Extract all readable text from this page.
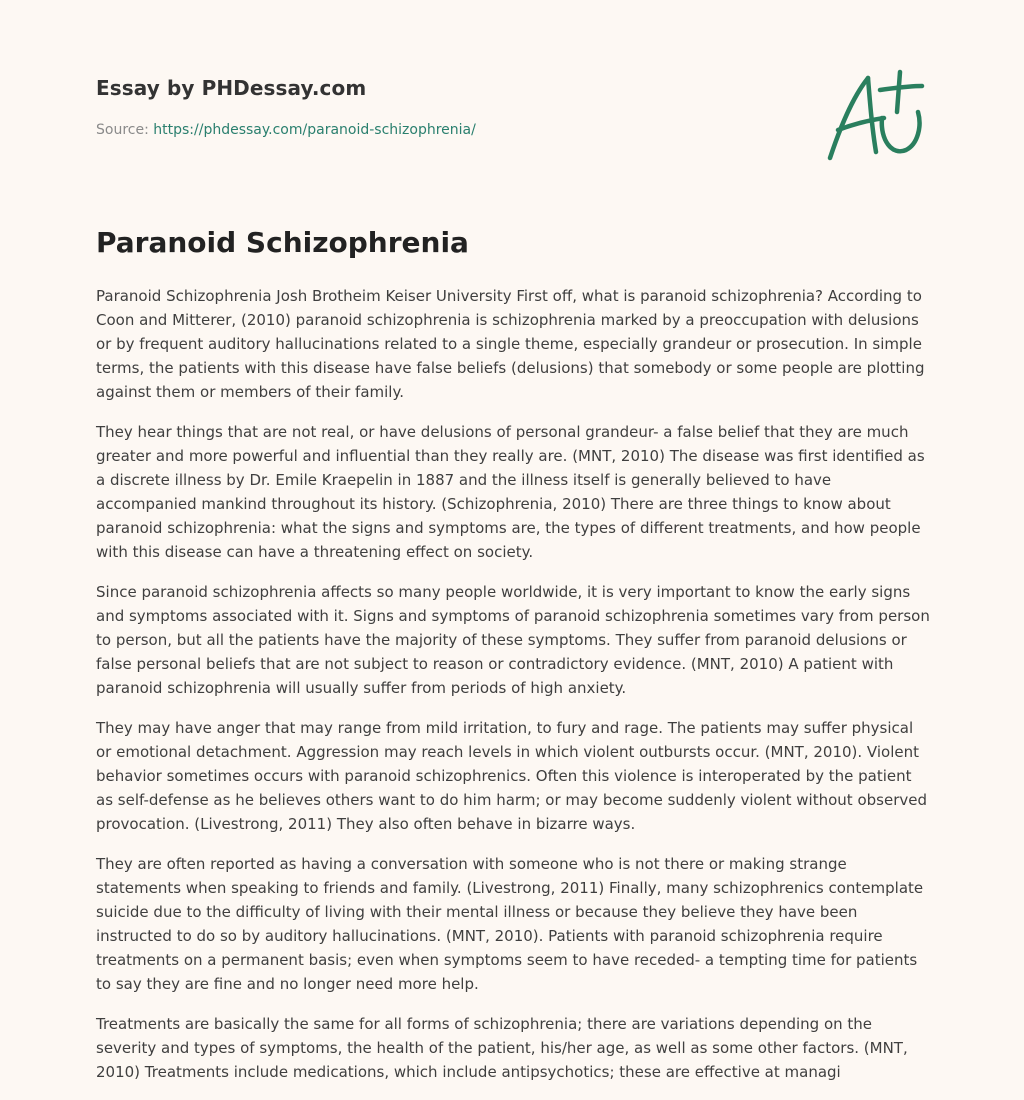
Essay by PHDessay.com
Source: https://phdessay.com/paranoid-schizophrenia/
Paranoid Schizophrenia

Paranoid Schizophrenia Josh Brotheim Keiser University First off, what is paranoid schizophrenia? According to Coon and Mitterer, (2010) paranoid schizophrenia is schizophrenia marked by a preoccupation with delusions or by frequent auditory hallucinations related to a single theme, especially grandeur or prosecution. In simple terms, the patients with this disease have false beliefs (delusions) that somebody or some people are plotting against them or members of their family.

They hear things that are not real, or have delusions of personal grandeur- a false belief that they are much greater and more powerful and influential than they really are. (MNT, 2010) The disease was first identified as a discrete illness by Dr. Emile Kraepelin in 1887 and the illness itself is generally believed to have accompanied mankind throughout its history. (Schizophrenia, 2010) There are three things to know about paranoid schizophrenia: what the signs and symptoms are, the types of different treatments, and how people with this disease can have a threatening effect on society.

Since paranoid schizophrenia affects so many people worldwide, it is very important to know the early signs and symptoms associated with it. Signs and symptoms of paranoid schizophrenia sometimes vary from person to person, but all the patients have the majority of these symptoms. They suffer from paranoid delusions or false personal beliefs that are not subject to reason or contradictory evidence. (MNT, 2010) A patient with paranoid schizophrenia will usually suffer from periods of high anxiety.

They may have anger that may range from mild irritation, to fury and rage. The patients may suffer physical or emotional detachment. Aggression may reach levels in which violent outbursts occur. (MNT, 2010). Violent behavior sometimes occurs with paranoid schizophrenics. Often this violence is interoperated by the patient as self-defense as he believes others want to do him harm; or may become suddenly violent without observed provocation. (Livestrong, 2011) They also often behave in bizarre ways.

They are often reported as having a conversation with someone who is not there or making strange statements when speaking to friends and family. (Livestrong, 2011) Finally, many schizophrenics contemplate suicide due to the difficulty of living with their mental illness or because they believe they have been instructed to do so by auditory hallucinations. (MNT, 2010). Patients with paranoid schizophrenia require treatments on a permanent basis; even when symptoms seem to have receded- a tempting time for patients to say they are fine and no longer need more help.

Treatments are basically the same for all forms of schizophrenia; there are variations depending on the severity and types of symptoms, the health of the patient, his/her age, as well as some other factors. (MNT, 2010) Treatments include medications, which include antipsychotics; these are effective at managi
